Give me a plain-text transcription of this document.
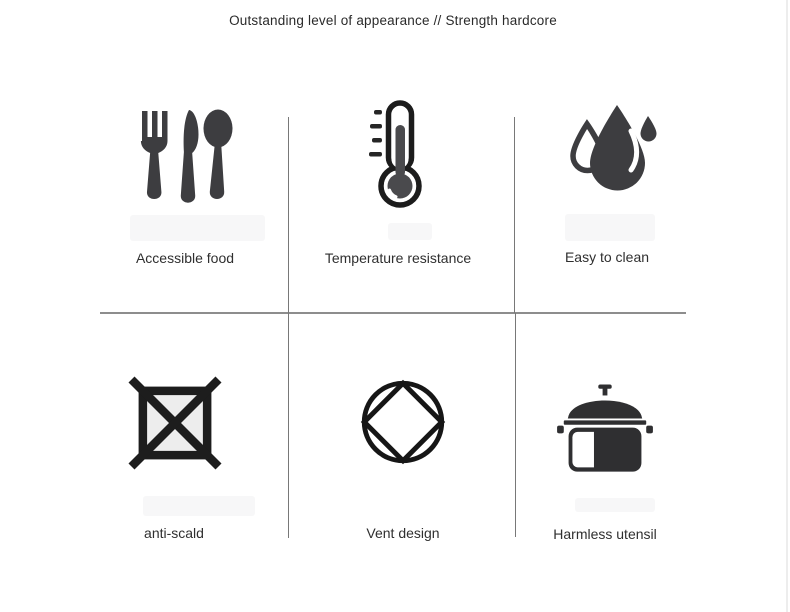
Outstanding level of appearance // Strength hardcore
Accessible food	Temperature resistance	Easy to clean
anti-scald	Vent design	Harmless utensil
